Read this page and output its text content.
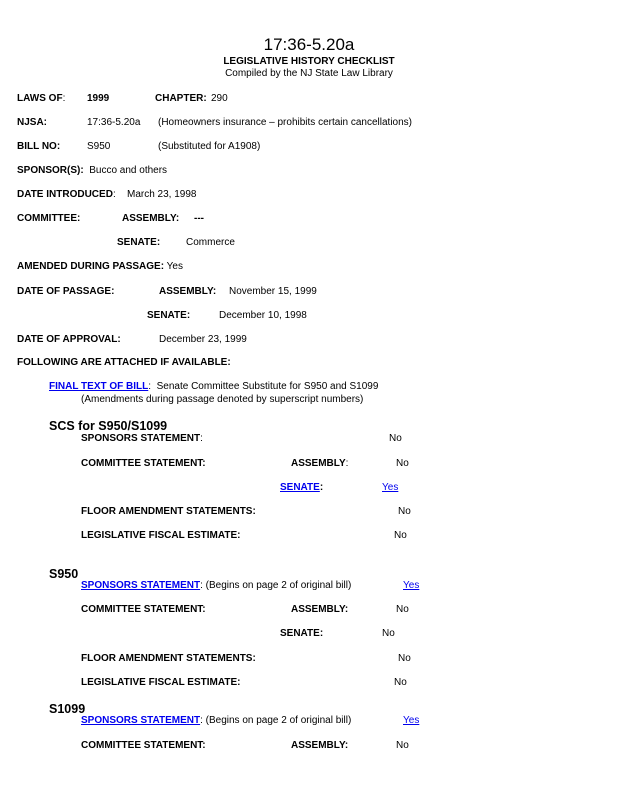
17:36-5.20a
LEGISLATIVE HISTORY CHECKLIST
Compiled by the NJ State Law Library
LAWS OF: 1999	CHAPTER: 290
NJSA:	17:36-5.20a (Homeowners insurance – prohibits certain cancellations)
BILL NO:	S950	(Substituted for A1908)
SPONSOR(S): Bucco and others
DATE INTRODUCED: March 23, 1998
COMMITTEE:	ASSEMBLY: ---
SENATE:	Commerce
AMENDED DURING PASSAGE: Yes
DATE OF PASSAGE:	ASSEMBLY: November 15, 1999
SENATE:	December 10, 1998
DATE OF APPROVAL:	December 23, 1999
FOLLOWING ARE ATTACHED IF AVAILABLE:
FINAL TEXT OF BILL: Senate Committee Substitute for S950 and S1099
(Amendments during passage denoted by superscript numbers)
SCS for S950/S1099
SPONSORS STATEMENT:	No
COMMITTEE STATEMENT:	ASSEMBLY:	No
SENATE:	Yes
FLOOR AMENDMENT STATEMENTS:	No
LEGISLATIVE FISCAL ESTIMATE:	No
S950
SPONSORS STATEMENT: (Begins on page 2 of original bill)	Yes
COMMITTEE STATEMENT:	ASSEMBLY:	No
SENATE:	No
FLOOR AMENDMENT STATEMENTS:	No
LEGISLATIVE FISCAL ESTIMATE:	No
S1099
SPONSORS STATEMENT: (Begins on page 2 of original bill)	Yes
COMMITTEE STATEMENT:	ASSEMBLY:	No
